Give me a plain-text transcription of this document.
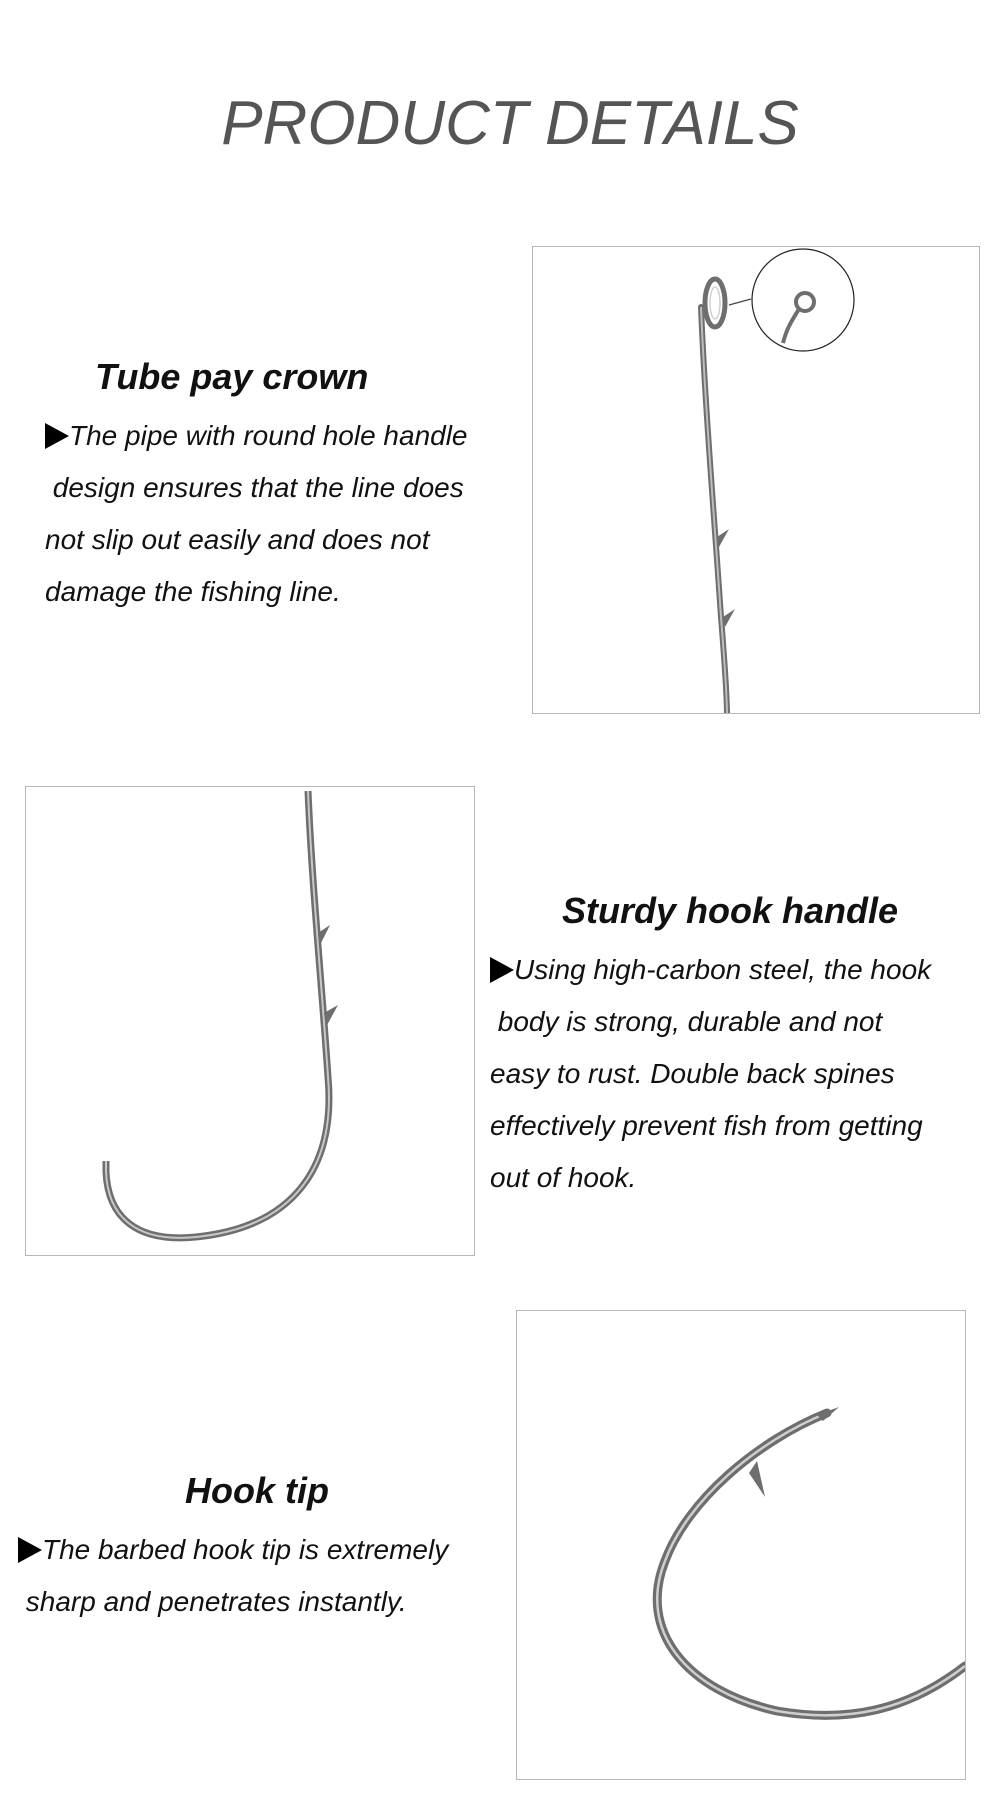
PRODUCT DETAILS
Tube pay crown
The pipe with round hole handle
design ensures that the line does
not slip out easily and does not
damage the fishing line.
Sturdy hook handle
Using high-carbon steel, the hook
body is strong, durable and not
easy to rust. Double back spines
effectively prevent fish from getting
out of hook.
Hook tip
The barbed hook tip is extremely
sharp and penetrates instantly.
